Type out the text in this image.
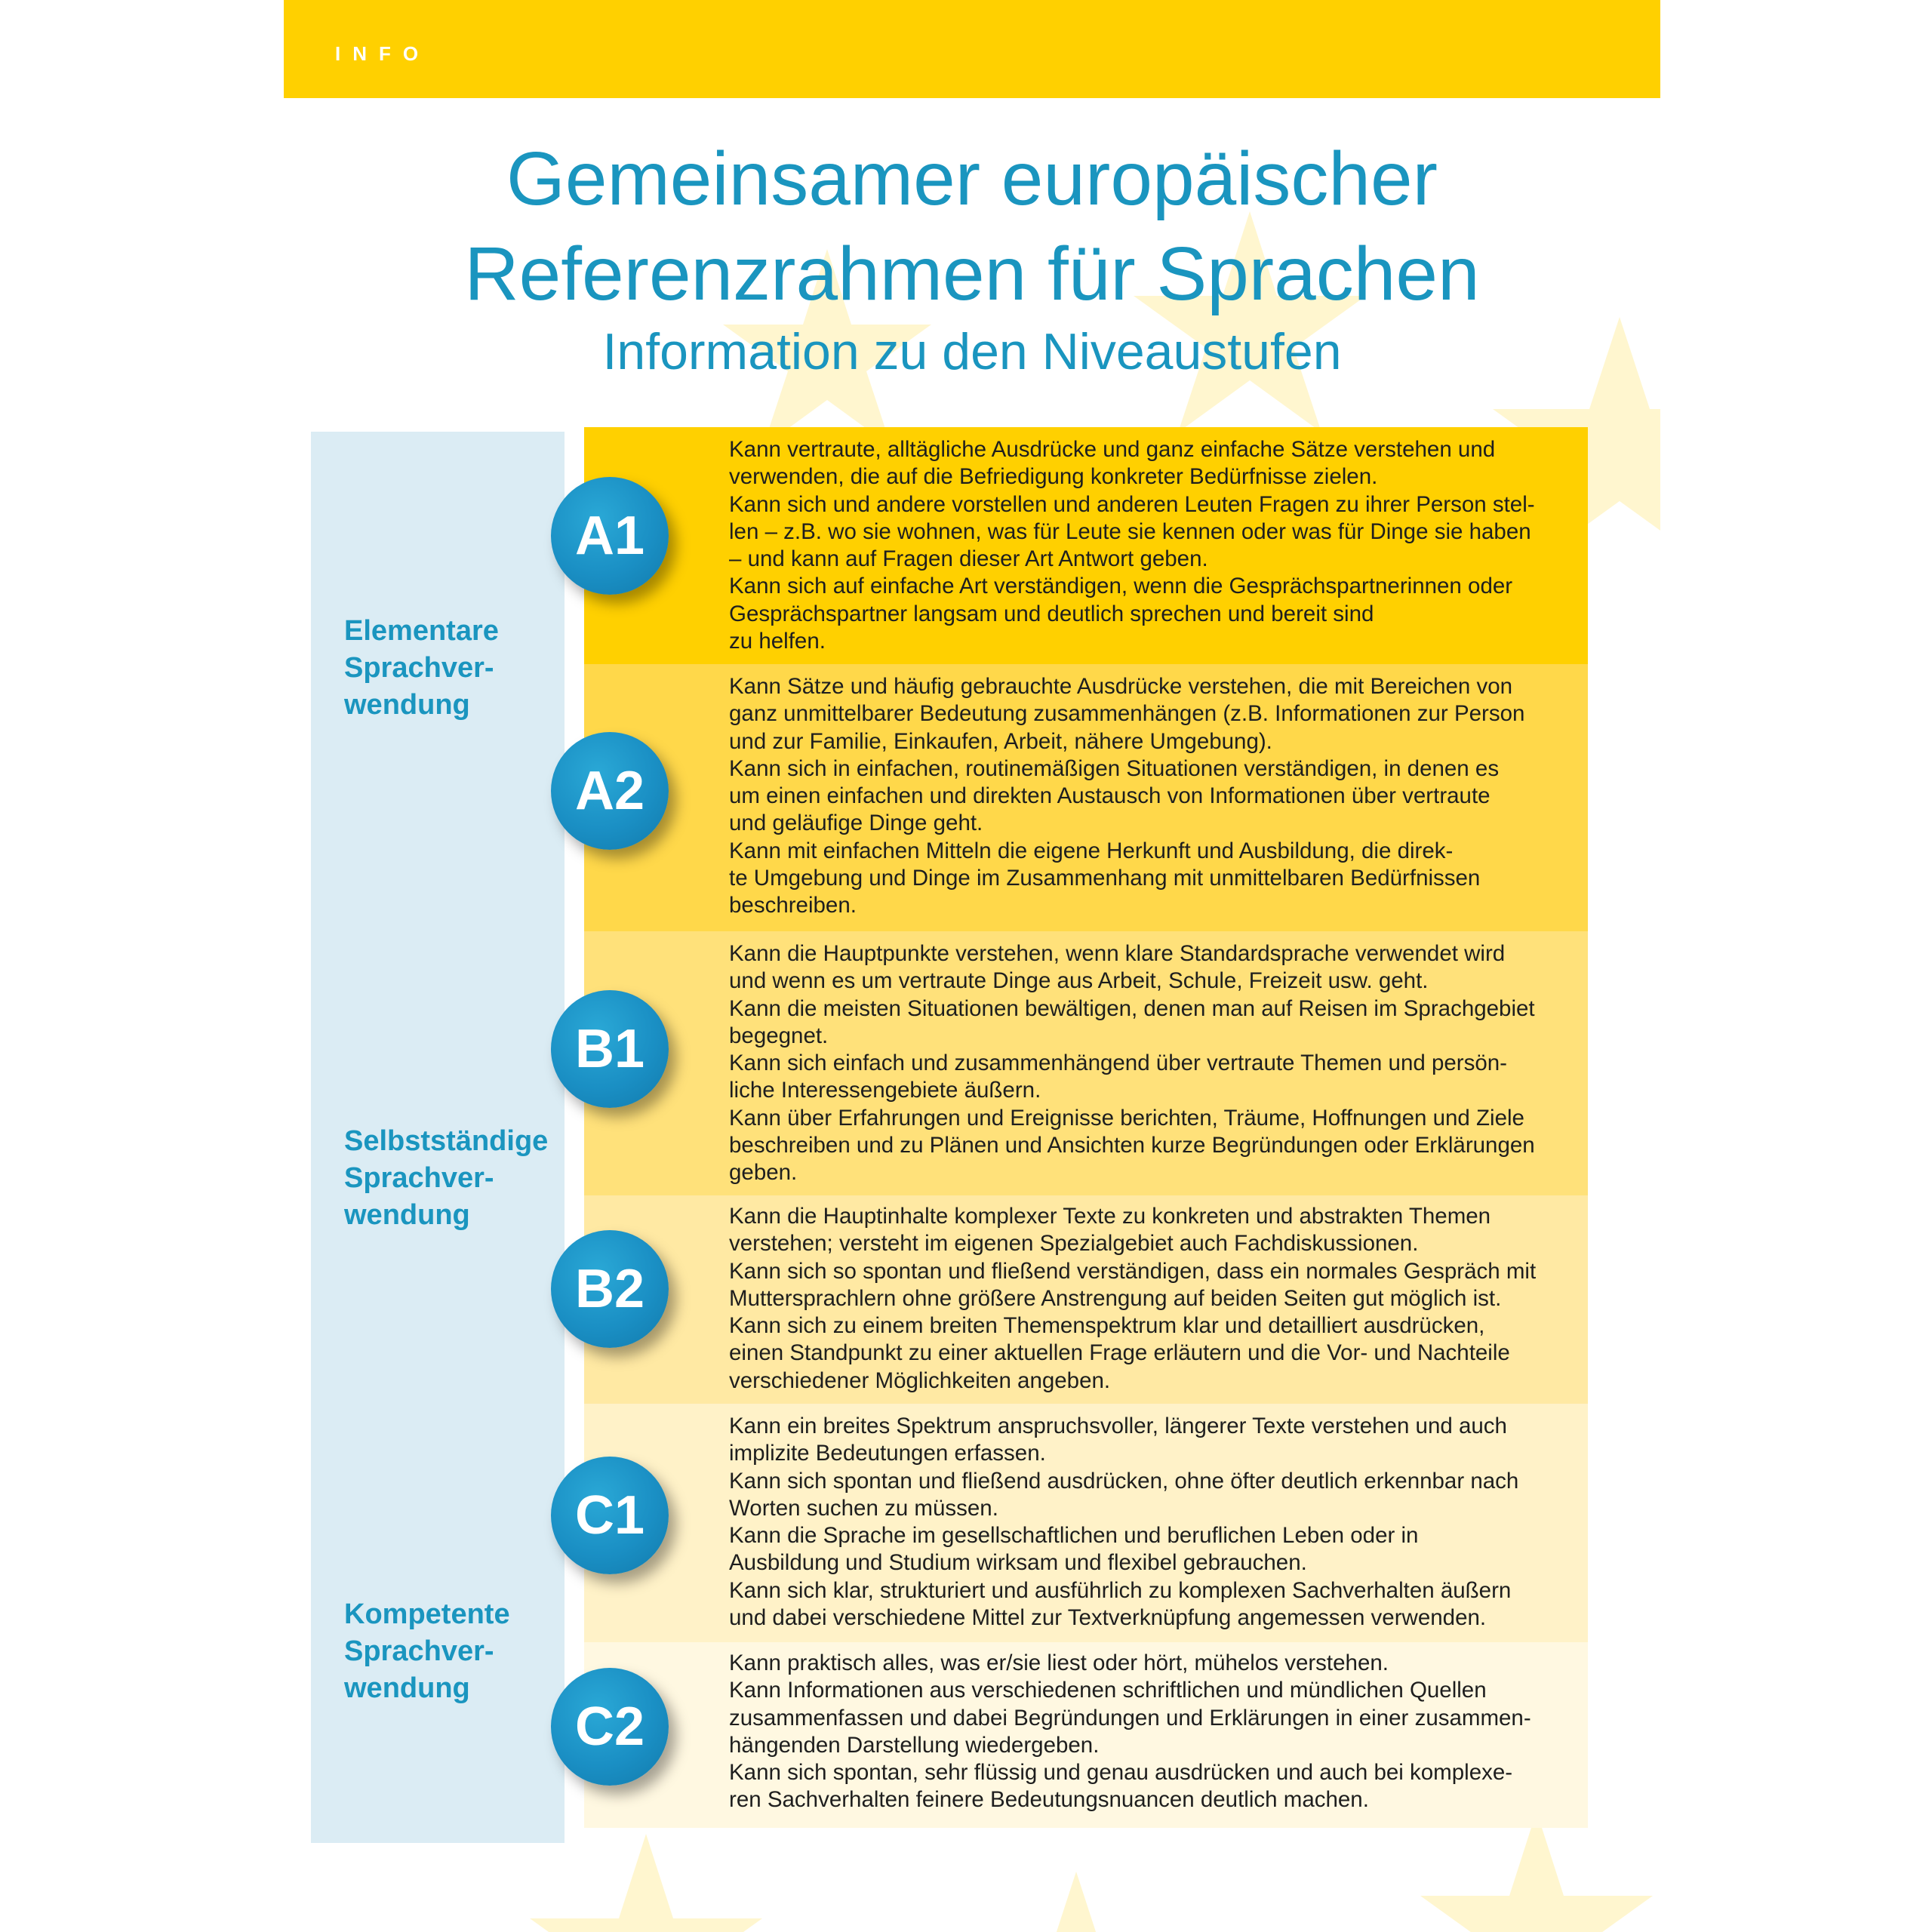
INFO
Gemeinsamer europäischer
Referenzrahmen für Sprachen
Information zu den Niveaustufen
Elementare
Sprachver-
wendung
Selbstständige
Sprachver-
wendung
Kompetente
Sprachver-
wendung

Kann vertraute, alltägliche Ausdrücke und ganz einfache Sätze verstehen und

verwenden, die auf die Befriedigung konkreter Bedürfnisse zielen.

Kann sich und andere vorstellen und anderen Leuten Fragen zu ihrer Person stel-

len – z.B. wo sie wohnen, was für Leute sie kennen oder was für Dinge sie haben

– und kann auf Fragen dieser Art Antwort geben.

Kann sich auf einfache Art verständigen, wenn die Gesprächspartnerinnen oder

Gesprächspartner langsam und deutlich sprechen und bereit sind

zu helfen.

Kann Sätze und häufig gebrauchte Ausdrücke verstehen, die mit Bereichen von

ganz unmittelbarer Bedeutung zusammenhängen (z.B. Informationen zur Person

und zur Familie, Einkaufen, Arbeit, nähere Umgebung).

Kann sich in einfachen, routinemäßigen Situationen verständigen, in denen es

um einen einfachen und direkten Austausch von Informationen über vertraute

und geläufige Dinge geht.

Kann mit einfachen Mitteln die eigene Herkunft und Ausbildung, die direk-

te Umgebung und Dinge im Zusammenhang mit unmittelbaren Bedürfnissen

beschreiben.

Kann die Hauptpunkte verstehen, wenn klare Standardsprache verwendet wird

und wenn es um vertraute Dinge aus Arbeit, Schule, Freizeit usw. geht.

Kann die meisten Situationen bewältigen, denen man auf Reisen im Sprachgebiet

begegnet.

Kann sich einfach und zusammenhängend über vertraute Themen und persön-

liche Interessengebiete äußern.

Kann über Erfahrungen und Ereignisse berichten, Träume, Hoffnungen und Ziele

beschreiben und zu Plänen und Ansichten kurze Begründungen oder Erklärungen

geben.

Kann die Hauptinhalte komplexer Texte zu konkreten und abstrakten Themen

verstehen; versteht im eigenen Spezialgebiet auch Fachdiskussionen.

Kann sich so spontan und fließend verständigen, dass ein normales Gespräch mit

Muttersprachlern ohne größere Anstrengung auf beiden Seiten gut möglich ist.

Kann sich zu einem breiten Themenspektrum klar und detailliert ausdrücken,

einen Standpunkt zu einer aktuellen Frage erläutern und die Vor- und Nachteile

verschiedener Möglichkeiten angeben.

Kann ein breites Spektrum anspruchsvoller, längerer Texte verstehen und auch

implizite Bedeutungen erfassen.

Kann sich spontan und fließend ausdrücken, ohne öfter deutlich erkennbar nach

Worten suchen zu müssen.

Kann die Sprache im gesellschaftlichen und beruflichen Leben oder in

Ausbildung und Studium wirksam und flexibel gebrauchen.

Kann sich klar, strukturiert und ausführlich zu komplexen Sachverhalten äußern

und dabei verschiedene Mittel zur Textverknüpfung angemessen verwenden.

Kann praktisch alles, was er/sie liest oder hört, mühelos verstehen.

Kann Informationen aus verschiedenen schriftlichen und mündlichen Quellen

zusammenfassen und dabei Begründungen und Erklärungen in einer zusammen-

hängenden Darstellung wiedergeben.

Kann sich spontan, sehr flüssig und genau ausdrücken und auch bei komplexe-

ren Sachverhalten feinere Bedeutungsnuancen deutlich machen.

A1
A2
B1
B2
C1
C2
